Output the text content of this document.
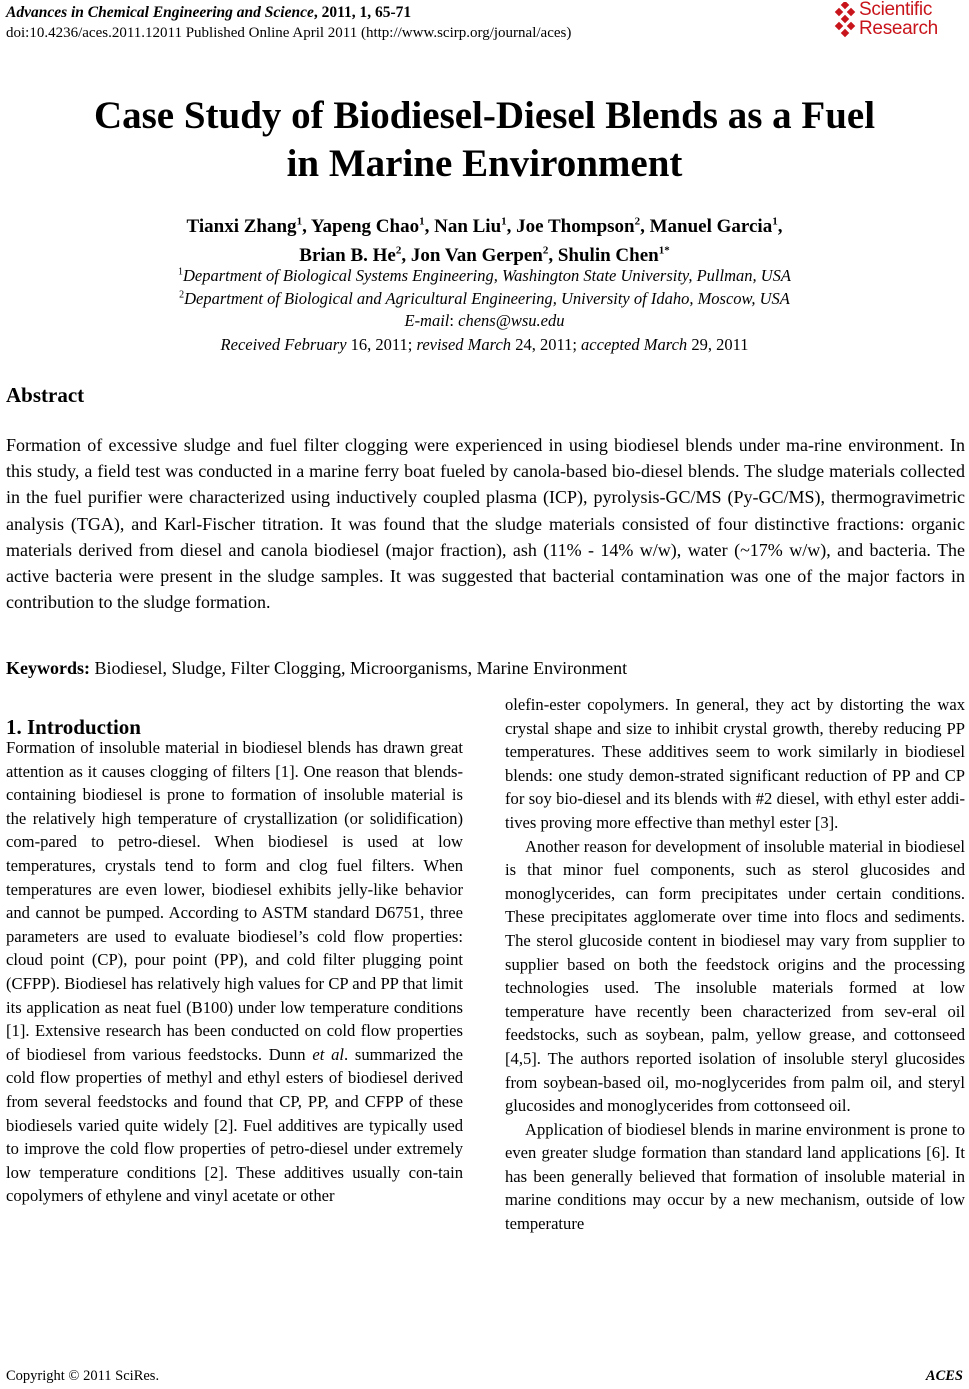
Advances in Chemical Engineering and Science, 2011, 1, 65-71
doi:10.4236/aces.2011.12011 Published Online April 2011 (http://www.scirp.org/journal/aces)
Scientific
Research
Case Study of Biodiesel-Diesel Blends as a Fuel
in Marine Environment
Tianxi Zhang$^1$, Yapeng Chao$^1$, Nan Liu$^1$, Joe Thompson$^2$, Manuel Garcia$^1$,
Brian B. He$^2$, Jon Van Gerpen$^2$, Shulin Chen$^{1*}$
$^1$Department of Biological Systems Engineering, Washington State University, Pullman, USA
$^2$Department of Biological and Agricultural Engineering, University of Idaho, Moscow, USA
E-mail: chens@wsu.edu
Received February 16, 2011; revised March 24, 2011; accepted March 29, 2011
Abstract
Formation of excessive sludge and fuel filter clogging were experienced in using biodiesel blends under ma-rine environment. In this study, a field test was conducted in a marine ferry boat fueled by canola-based bio-diesel blends. The sludge materials collected in the fuel purifier were characterized using inductively coupled plasma (ICP), pyrolysis-GC/MS (Py-GC/MS), thermogravimetric analysis (TGA), and Karl-Fischer titration. It was found that the sludge materials consisted of four distinctive fractions: organic materials derived from diesel and canola biodiesel (major fraction), ash (11% - 14% w/w), water (~17% w/w), and bacteria. The active bacteria were present in the sludge samples. It was suggested that bacterial contamination was one of the major factors in contribution to the sludge formation.
Keywords: Biodiesel, Sludge, Filter Clogging, Microorganisms, Marine Environment
1. Introduction

Formation of insoluble material in biodiesel blends has drawn great attention as it causes clogging of filters [1]. One reason that blends-containing biodiesel is prone to formation of insoluble material is the relatively high temperature of crystallization (or solidification) com-pared to petro-diesel. When biodiesel is used at low temperatures, crystals tend to form and clog fuel filters. When temperatures are even lower, biodiesel exhibits jelly-like behavior and cannot be pumped. According to ASTM standard D6751, three parameters are used to evaluate biodiesel’s cold flow properties: cloud point (CP), pour point (PP), and cold filter plugging point (CFPP). Biodiesel has relatively high values for CP and PP that limit its application as neat fuel (B100) under low temperature conditions [1]. Extensive research has been conducted on cold flow properties of biodiesel from various feedstocks. Dunn et al. summarized the cold flow properties of methyl and ethyl esters of biodiesel derived from several feedstocks and found that CP, PP, and CFPP of these biodiesels varied quite widely [2]. Fuel additives are typically used to improve the cold flow properties of petro-diesel under extremely low temperature conditions [2]. These additives usually con-tain copolymers of ethylene and vinyl acetate or other

olefin-ester copolymers. In general, they act by distorting the wax crystal shape and size to inhibit crystal growth, thereby reducing PP temperatures. These additives seem to work similarly in biodiesel blends: one study demon-strated significant reduction of PP and CP for soy bio-diesel and its blends with #2 diesel, with ethyl ester addi-tives proving more effective than methyl ester [3].

Another reason for development of insoluble material in biodiesel is that minor fuel components, such as sterol glucosides and monoglycerides, can form precipitates under certain conditions. These precipitates agglomerate over time into flocs and sediments. The sterol glucoside content in biodiesel may vary from supplier to supplier based on both the feedstock origins and the processing technologies used. The insoluble materials formed at low temperature have recently been characterized from sev-eral oil feedstocks, such as soybean, palm, yellow grease, and cottonseed [4,5]. The authors reported isolation of insoluble steryl glucosides from soybean-based oil, mo-noglycerides from palm oil, and steryl glucosides and monoglycerides from cottonseed oil.

Application of biodiesel blends in marine environment is prone to even greater sludge formation than standard land applications [6]. It has been generally believed that formation of insoluble material in marine conditions may occur by a new mechanism, outside of low temperature

Copyright © 2011 SciRes.	ACES
